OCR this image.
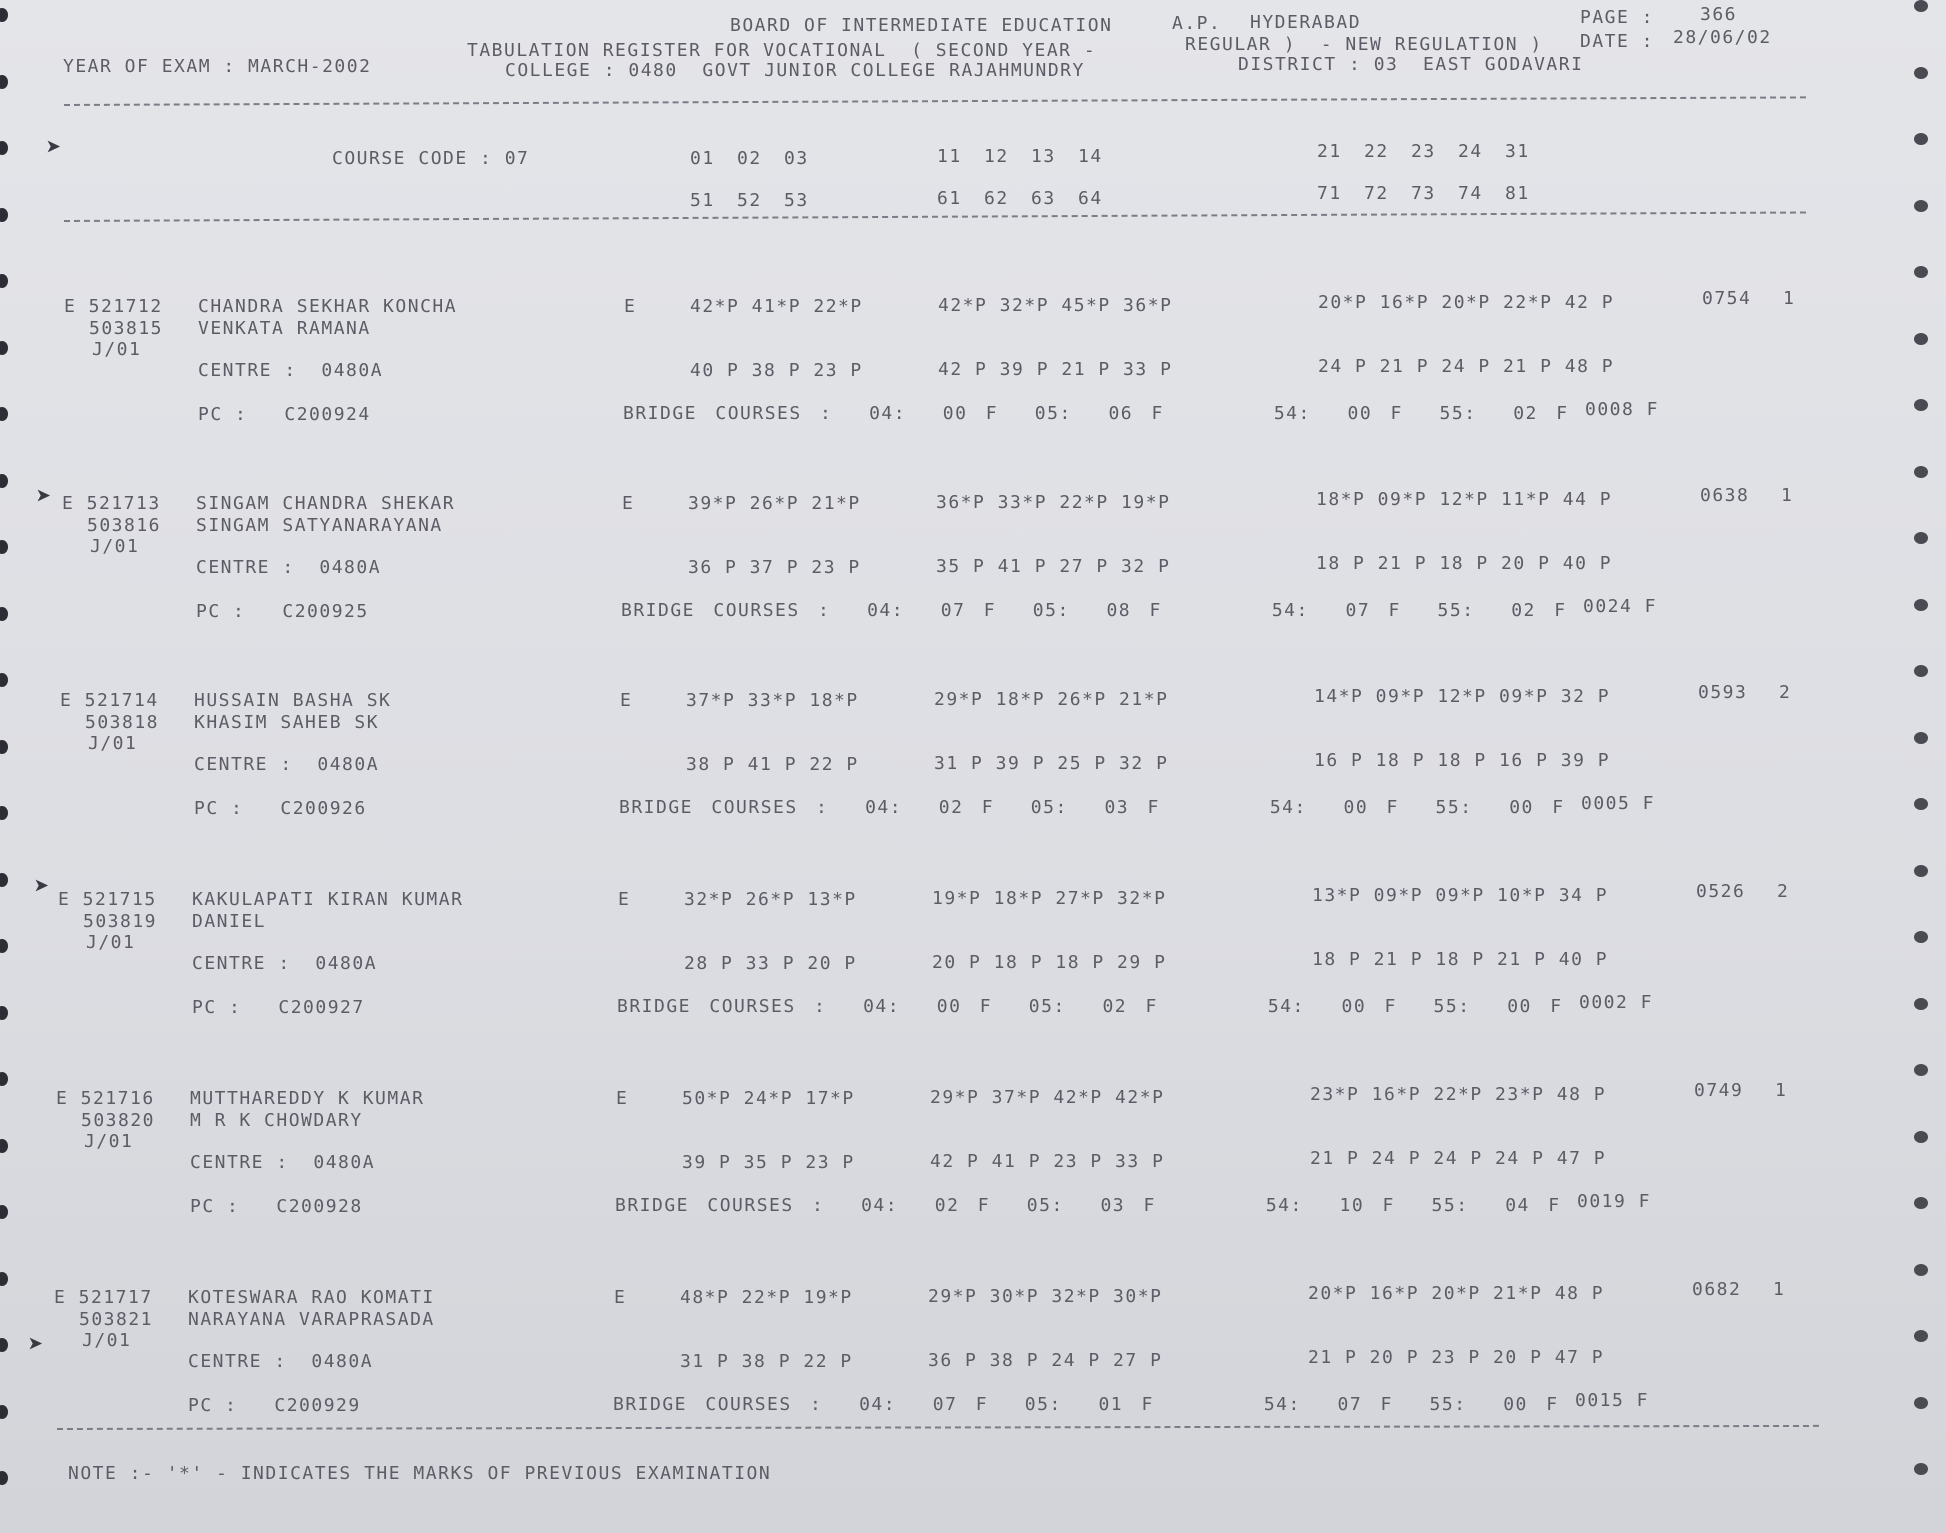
➤
➤
➤
➤
BOARD OF INTERMEDIATE EDUCATION	A.P. HYDERABAD	PAGE :	366
TABULATION REGISTER FOR VOCATIONAL  ( SECOND YEAR -	REGULAR )  - NEW REGULATION ) DATE : 28/06/02
YEAR OF EXAM : MARCH-2002	COLLEGE : 0480  GOVT JUNIOR COLLEGE RAJAHMUNDRY	DISTRICT : 03  EAST GODAVARI
COURSE CODE : 07	01 02 03	11 12 13 14	21 22 23 24 31
51 52 53	61 62 63 64	71 72 73 74 81
E 521712 CHANDRA SEKHAR KONCHA
503815 VENKATA RAMANA
J/01
E	42*P 41*P 22*P	42*P 32*P 45*P 36*P	20*P 16*P 20*P 22*P 42 P	0754 1
CENTRE :  0480A	40 P 38 P 23 P	42 P 39 P 21 P 33 P	24 P 21 P 24 P 21 P 48 P
PC :   C200924	BRIDGE COURSES :  04:  00 F  05:  06 F      54:  00 F  55:  02 F 0008 F
E 521713 SINGAM CHANDRA SHEKAR
503816 SINGAM SATYANARAYANA
J/01
E	39*P 26*P 21*P	36*P 33*P 22*P 19*P	18*P 09*P 12*P 11*P 44 P	0638 1
CENTRE :  0480A	36 P 37 P 23 P	35 P 41 P 27 P 32 P	18 P 21 P 18 P 20 P 40 P
PC :   C200925	BRIDGE COURSES :  04:  07 F  05:  08 F      54:  07 F  55:  02 F 0024 F
E 521714 HUSSAIN BASHA SK
503818 KHASIM SAHEB SK
J/01
E	37*P 33*P 18*P	29*P 18*P 26*P 21*P	14*P 09*P 12*P 09*P 32 P	0593 2
CENTRE :  0480A	38 P 41 P 22 P	31 P 39 P 25 P 32 P	16 P 18 P 18 P 16 P 39 P
PC :   C200926	BRIDGE COURSES :  04:  02 F  05:  03 F      54:  00 F  55:  00 F 0005 F
E 521715 KAKULAPATI KIRAN KUMAR
503819 DANIEL
J/01
E	32*P 26*P 13*P	19*P 18*P 27*P 32*P	13*P 09*P 09*P 10*P 34 P	0526 2
CENTRE :  0480A	28 P 33 P 20 P	20 P 18 P 18 P 29 P	18 P 21 P 18 P 21 P 40 P
PC :   C200927	BRIDGE COURSES :  04:  00 F  05:  02 F      54:  00 F  55:  00 F 0002 F
E 521716 MUTTHAREDDY K KUMAR
503820 M R K CHOWDARY
J/01
E	50*P 24*P 17*P	29*P 37*P 42*P 42*P	23*P 16*P 22*P 23*P 48 P	0749 1
CENTRE :  0480A	39 P 35 P 23 P	42 P 41 P 23 P 33 P	21 P 24 P 24 P 24 P 47 P
PC :   C200928	BRIDGE COURSES :  04:  02 F  05:  03 F      54:  10 F  55:  04 F 0019 F
E 521717 KOTESWARA RAO KOMATI
503821 NARAYANA VARAPRASADA
J/01
E	48*P 22*P 19*P	29*P 30*P 32*P 30*P	20*P 16*P 20*P 21*P 48 P	0682 1
CENTRE :  0480A	31 P 38 P 22 P	36 P 38 P 24 P 27 P	21 P 20 P 23 P 20 P 47 P
PC :   C200929	BRIDGE COURSES :  04:  07 F  05:  01 F      54:  07 F  55:  00 F 0015 F
NOTE :- '*' - INDICATES THE MARKS OF PREVIOUS EXAMINATION
